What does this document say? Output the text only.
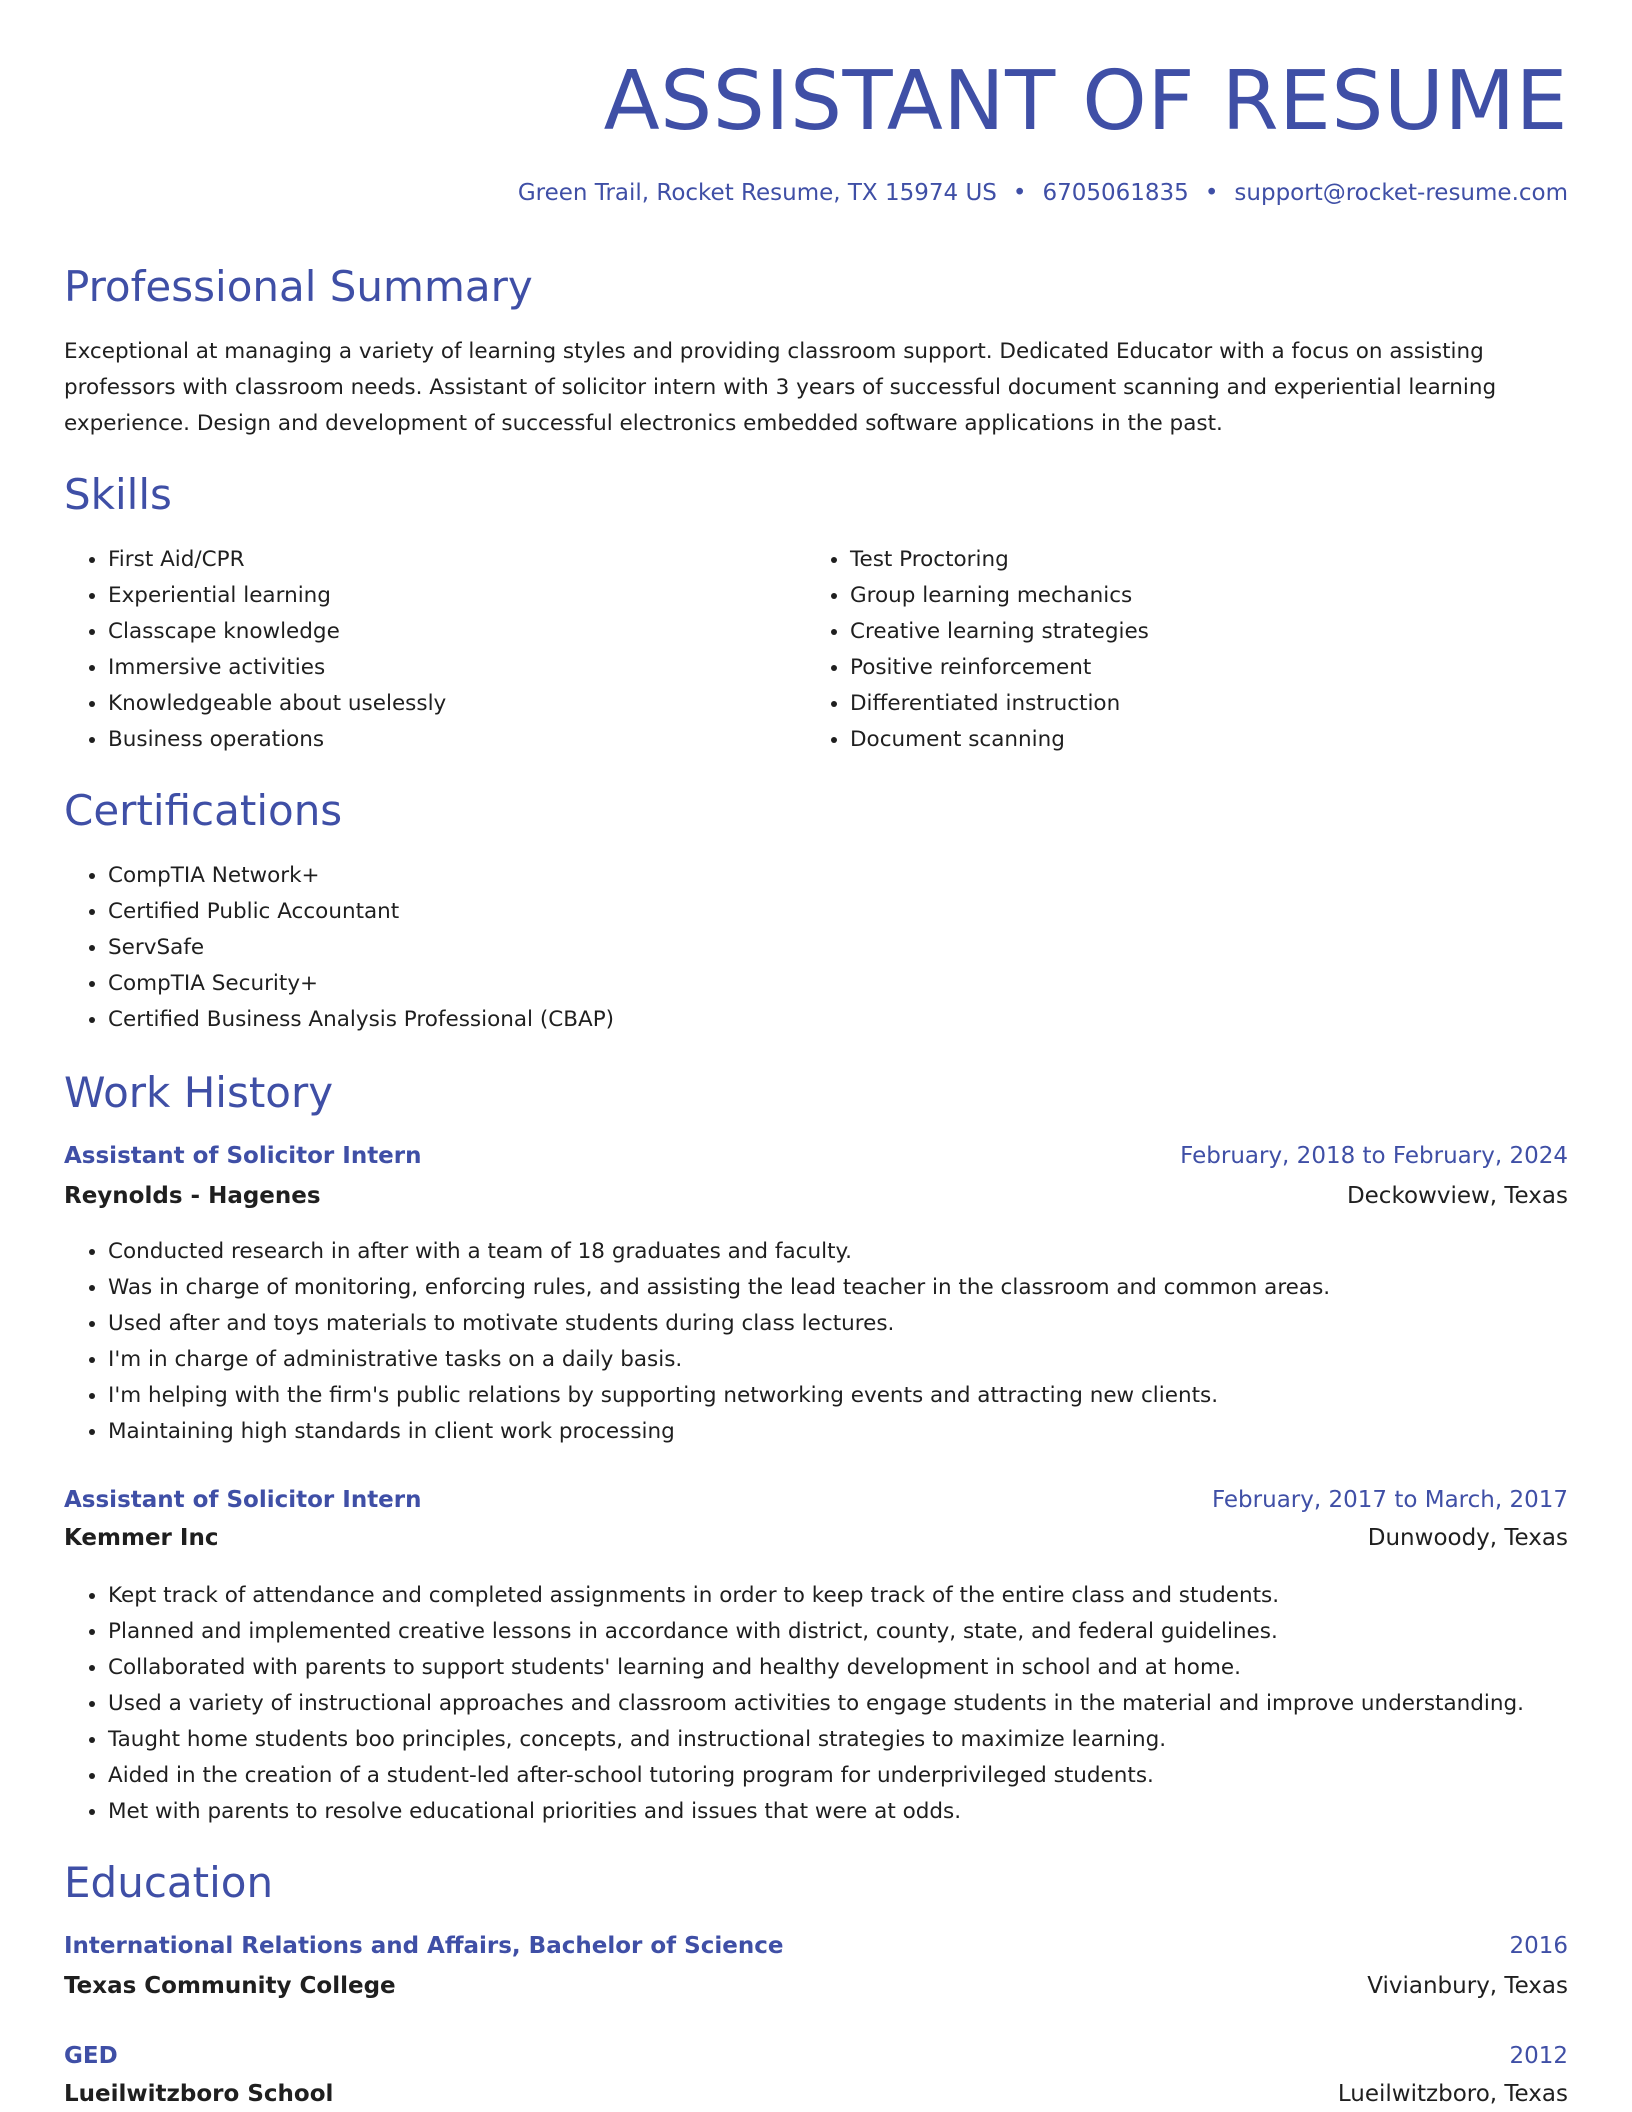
ASSISTANT OF RESUME
Green Trail, Rocket Resume, TX 15974 US • 6705061835 • support@rocket-resume.com
Professional Summary

Exceptional at managing a variety of learning styles and providing classroom support. Dedicated Educator with a focus on assisting professors with classroom needs. Assistant of solicitor intern with 3 years of successful document scanning and experiential learning experience. Design and development of successful electronics embedded software applications in the past.

Skills
• First Aid/CPR
• Experiential learning
• Classcape knowledge
• Immersive activities
• Knowledgeable about uselessly
• Business operations
• Test Proctoring
• Group learning mechanics
• Creative learning strategies
• Positive reinforcement
• Differentiated instruction
• Document scanning
Certifications
• CompTIA Network+
• Certified Public Accountant
• ServSafe
• CompTIA Security+
• Certified Business Analysis Professional (CBAP)
Work History
Assistant of Solicitor Intern	February, 2018 to February, 2024
Reynolds - Hagenes	Deckowview, Texas
• Conducted research in after with a team of 18 graduates and faculty.
• Was in charge of monitoring, enforcing rules, and assisting the lead teacher in the classroom and common areas.
• Used after and toys materials to motivate students during class lectures.
• I'm in charge of administrative tasks on a daily basis.
• I'm helping with the firm's public relations by supporting networking events and attracting new clients.
• Maintaining high standards in client work processing
Assistant of Solicitor Intern	February, 2017 to March, 2017
Kemmer Inc	Dunwoody, Texas
• Kept track of attendance and completed assignments in order to keep track of the entire class and students.
• Planned and implemented creative lessons in accordance with district, county, state, and federal guidelines.
• Collaborated with parents to support students' learning and healthy development in school and at home.
• Used a variety of instructional approaches and classroom activities to engage students in the material and improve understanding.
• Taught home students boo principles, concepts, and instructional strategies to maximize learning.
• Aided in the creation of a student-led after-school tutoring program for underprivileged students.
• Met with parents to resolve educational priorities and issues that were at odds.
Education
International Relations and Affairs, Bachelor of Science	2016
Texas Community College	Vivianbury, Texas
GED	2012
Lueilwitzboro School	Lueilwitzboro, Texas
